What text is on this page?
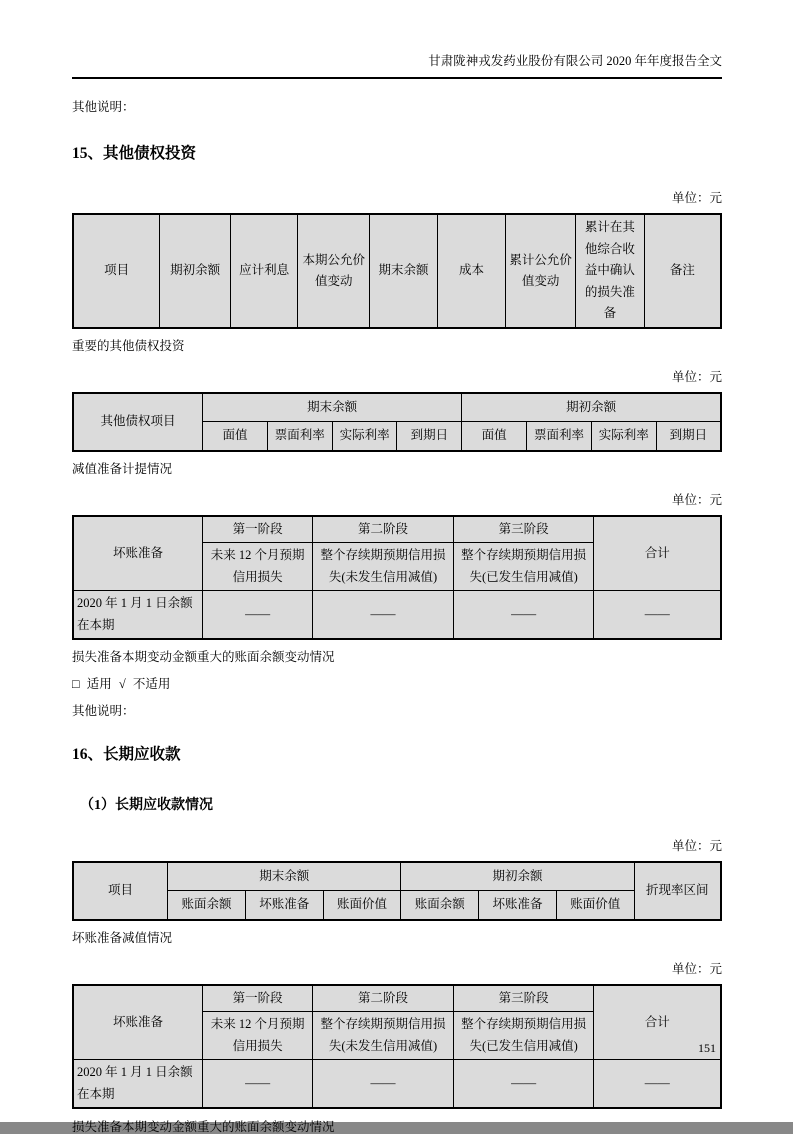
甘肃陇神戎发药业股份有限公司 2020 年年度报告全文
其他说明：
15、其他债权投资
单位：元
项目	期初余额	应计利息	本期公允价值变动	期末余额	成本	累计公允价值变动	累计在其他综合收益中确认的损失准备	备注
重要的其他债权投资
单位：元
其他债权项目	期末余额				期初余额			
	面值	票面利率	实际利率	到期日	面值	票面利率	实际利率	到期日
减值准备计提情况
单位：元
坏账准备	第一阶段	第二阶段	第三阶段	合计
	未来 12 个月预期信用损失	整个存续期预期信用损失(未发生信用减值)	整个存续期预期信用损失(已发生信用减值)	
2020 年 1 月 1 日余额在本期	——	——	——	——
损失准备本期变动金额重大的账面余额变动情况
□ 适用 √ 不适用
其他说明：
16、长期应收款
（1）长期应收款情况
单位：元
项目	期末余额			期初余额			折现率区间
	账面余额	坏账准备	账面价值	账面余额	坏账准备	账面价值	
坏账准备减值情况
单位：元
坏账准备	第一阶段	第二阶段	第三阶段	合计
	未来 12 个月预期信用损失	整个存续期预期信用损失(未发生信用减值)	整个存续期预期信用损失(已发生信用减值)	
2020 年 1 月 1 日余额在本期	——	——	——	——
损失准备本期变动金额重大的账面余额变动情况
151
